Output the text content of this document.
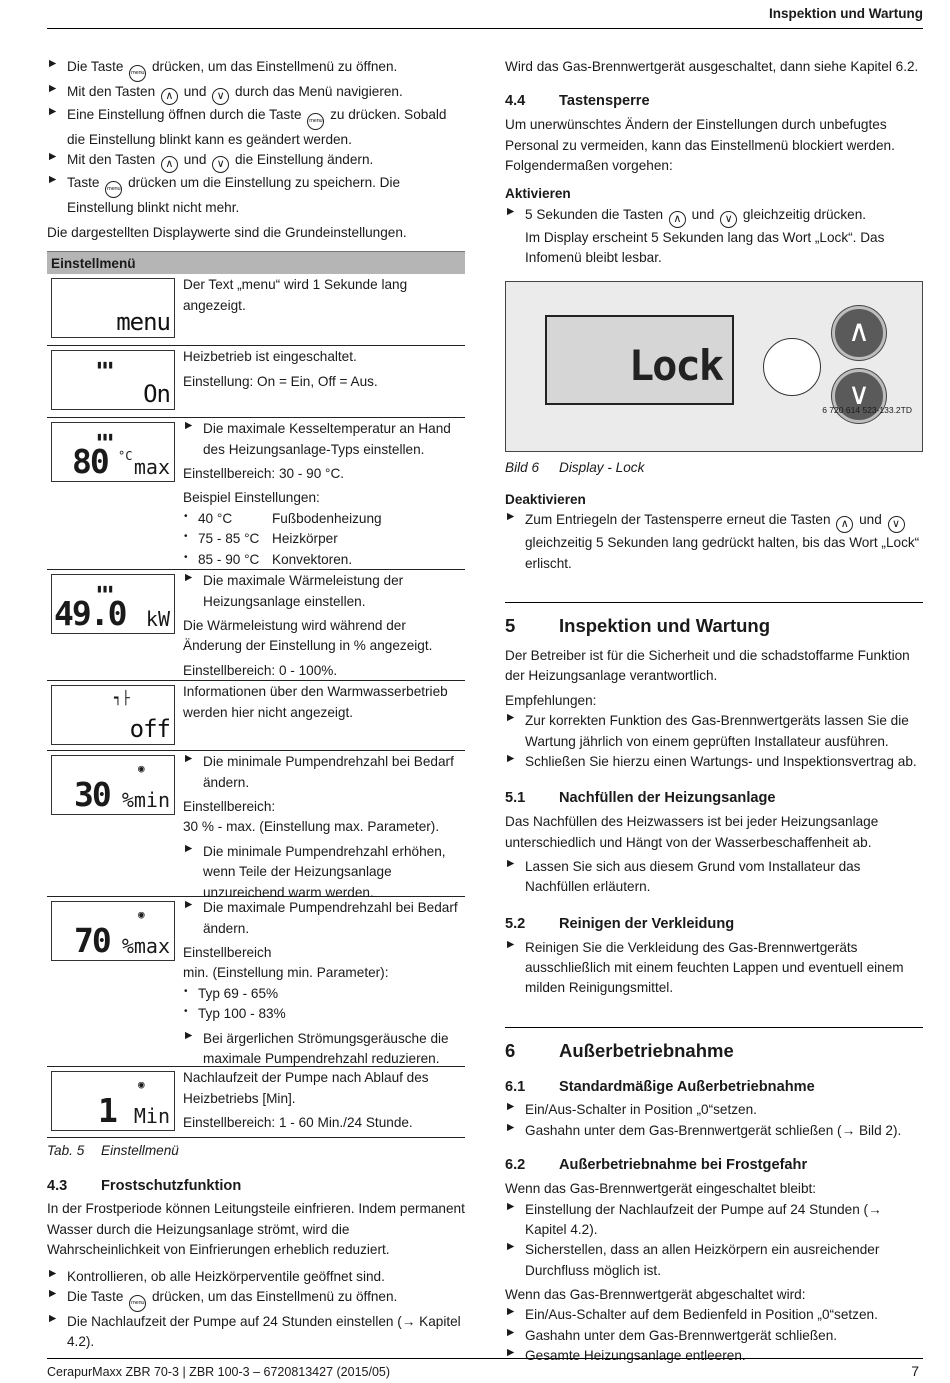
Inspektion und Wartung
▶ Die Taste menu drücken, um das Einstellmenü zu öffnen.
▶ Mit den Tasten ∧ und ∨ durch das Menü navigieren.
▶ Eine Einstellung öffnen durch die Taste menu zu drücken. Sobald die Einstellung blinkt kann es geändert werden.
▶ Mit den Tasten ∧ und ∨ die Einstellung ändern.
▶ Taste menu drücken um die Einstellung zu speichern. Die Einstellung blinkt nicht mehr.

Die dargestellten Displaywerte sind die Grundeinstellungen.

Einstellmenü
menu

Der Text „menu“ wird 1 Sekunde lang angezeigt.

▮▮▮
On

Heizbetrieb ist eingeschaltet.

Einstellung: On = Ein, Off = Aus.

▮▮▮
80 °C max
▶ Die maximale Kesseltemperatur an Hand des Heizungsanlage-Typs einstellen.

Einstellbereich: 30 - 90 °C.

Beispiel Einstellungen:

• 40 °C	Fußbodenheizung
• 75 - 85 °C Heizkörper
• 85 - 90 °C Konvektoren.
▮▮▮
49.0 kW
▶ Die maximale Wärmeleistung der Heizungsanlage einstellen.

Die Wärmeleistung wird während der Änderung der Einstellung in % angezeigt.

Einstellbereich: 0 - 100%.

┑├
off

Informationen über den Warmwasserbetrieb werden hier nicht angezeigt.

◉
30 %min
▶ Die minimale Pumpendrehzahl bei Bedarf ändern.

Einstellbereich:

30 % - max. (Einstellung max. Parameter).

▶ Die minimale Pumpendrehzahl erhöhen, wenn Teile der Heizungsanlage unzureichend warm werden.
◉
70 %max
▶ Die maximale Pumpendrehzahl bei Bedarf ändern.

Einstellbereich

min. (Einstellung min. Parameter):

• Typ 69 - 65%
• Typ 100 - 83%
▶ Bei ärgerlichen Strömungsgeräusche die maximale Pumpendrehzahl reduzieren.
◉
1 Min

Nachlaufzeit der Pumpe nach Ablauf des Heizbetriebs [Min].

Einstellbereich: 1 - 60 Min./24 Stunde.

Tab. 5 Einstellmenü
4.3 Frostschutzfunktion

In der Frostperiode können Leitungsteile einfrieren. Indem permanent Wasser durch die Heizungsanlage strömt, wird die Wahrscheinlichkeit von Einfrierungen erheblich reduziert.

▶ Kontrollieren, ob alle Heizkörperventile geöffnet sind.
▶ Die Taste menu drücken, um das Einstellmenü zu öffnen.
▶ Die Nachlaufzeit der Pumpe auf 24 Stunden einstellen (→ Kapitel 4.2).

Wird das Gas-Brennwertgerät ausgeschaltet, dann siehe Kapitel 6.2.

4.4 Tastensperre

Um unerwünschtes Ändern der Einstellungen durch unbefugtes Personal zu vermeiden, kann das Einstellmenü blockiert werden. Folgendermaßen vorgehen:

Aktivieren
▶ 5 Sekunden die Tasten ∧ und ∨ gleichzeitig drücken.
Im Display erscheint 5 Sekunden lang das Wort „Lock“. Das Infomenü bleibt lesbar.
Lock
∧
∨
6 720 614 523-133.2TD
Bild 6 Display - Lock
Deaktivieren
▶ Zum Entriegeln der Tastensperre erneut die Tasten ∧ und ∨ gleichzeitig 5 Sekunden lang gedrückt halten, bis das Wort „Lock“ erlischt.
5 Inspektion und Wartung

Der Betreiber ist für die Sicherheit und die schadstoffarme Funktion der Heizungsanlage verantwortlich.

Empfehlungen:

▶ Zur korrekten Funktion des Gas-Brennwertgeräts lassen Sie die Wartung jährlich von einem geprüften Installateur ausführen.
▶ Schließen Sie hierzu einen Wartungs- und Inspektionsvertrag ab.
5.1 Nachfüllen der Heizungsanlage

Das Nachfüllen des Heizwassers ist bei jeder Heizungsanlage unterschiedlich und Hängt von der Wasserbeschaffenheit ab.

▶ Lassen Sie sich aus diesem Grund vom Installateur das Nachfüllen erläutern.
5.2 Reinigen der Verkleidung
▶ Reinigen Sie die Verkleidung des Gas-Brennwertgeräts ausschließlich mit einem feuchten Lappen und eventuell einem milden Reinigungsmittel.
6 Außerbetriebnahme
6.1 Standardmäßige Außerbetriebnahme
▶ Ein/Aus-Schalter in Position „0“setzen.
▶ Gashahn unter dem Gas-Brennwertgerät schließen (→ Bild 2).
6.2 Außerbetriebnahme bei Frostgefahr

Wenn das Gas-Brennwertgerät eingeschaltet bleibt:

▶ Einstellung der Nachlaufzeit der Pumpe auf 24 Stunden (→ Kapitel 4.2).
▶ Sicherstellen, dass an allen Heizkörpern ein ausreichender Durchfluss möglich ist.

Wenn das Gas-Brennwertgerät abgeschaltet wird:

▶ Ein/Aus-Schalter auf dem Bedienfeld in Position „0“setzen.
▶ Gashahn unter dem Gas-Brennwertgerät schließen.
▶ Gesamte Heizungsanlage entleeren.
CerapurMaxx ZBR 70-3 | ZBR 100-3 – 6720813427 (2015/05)	7
